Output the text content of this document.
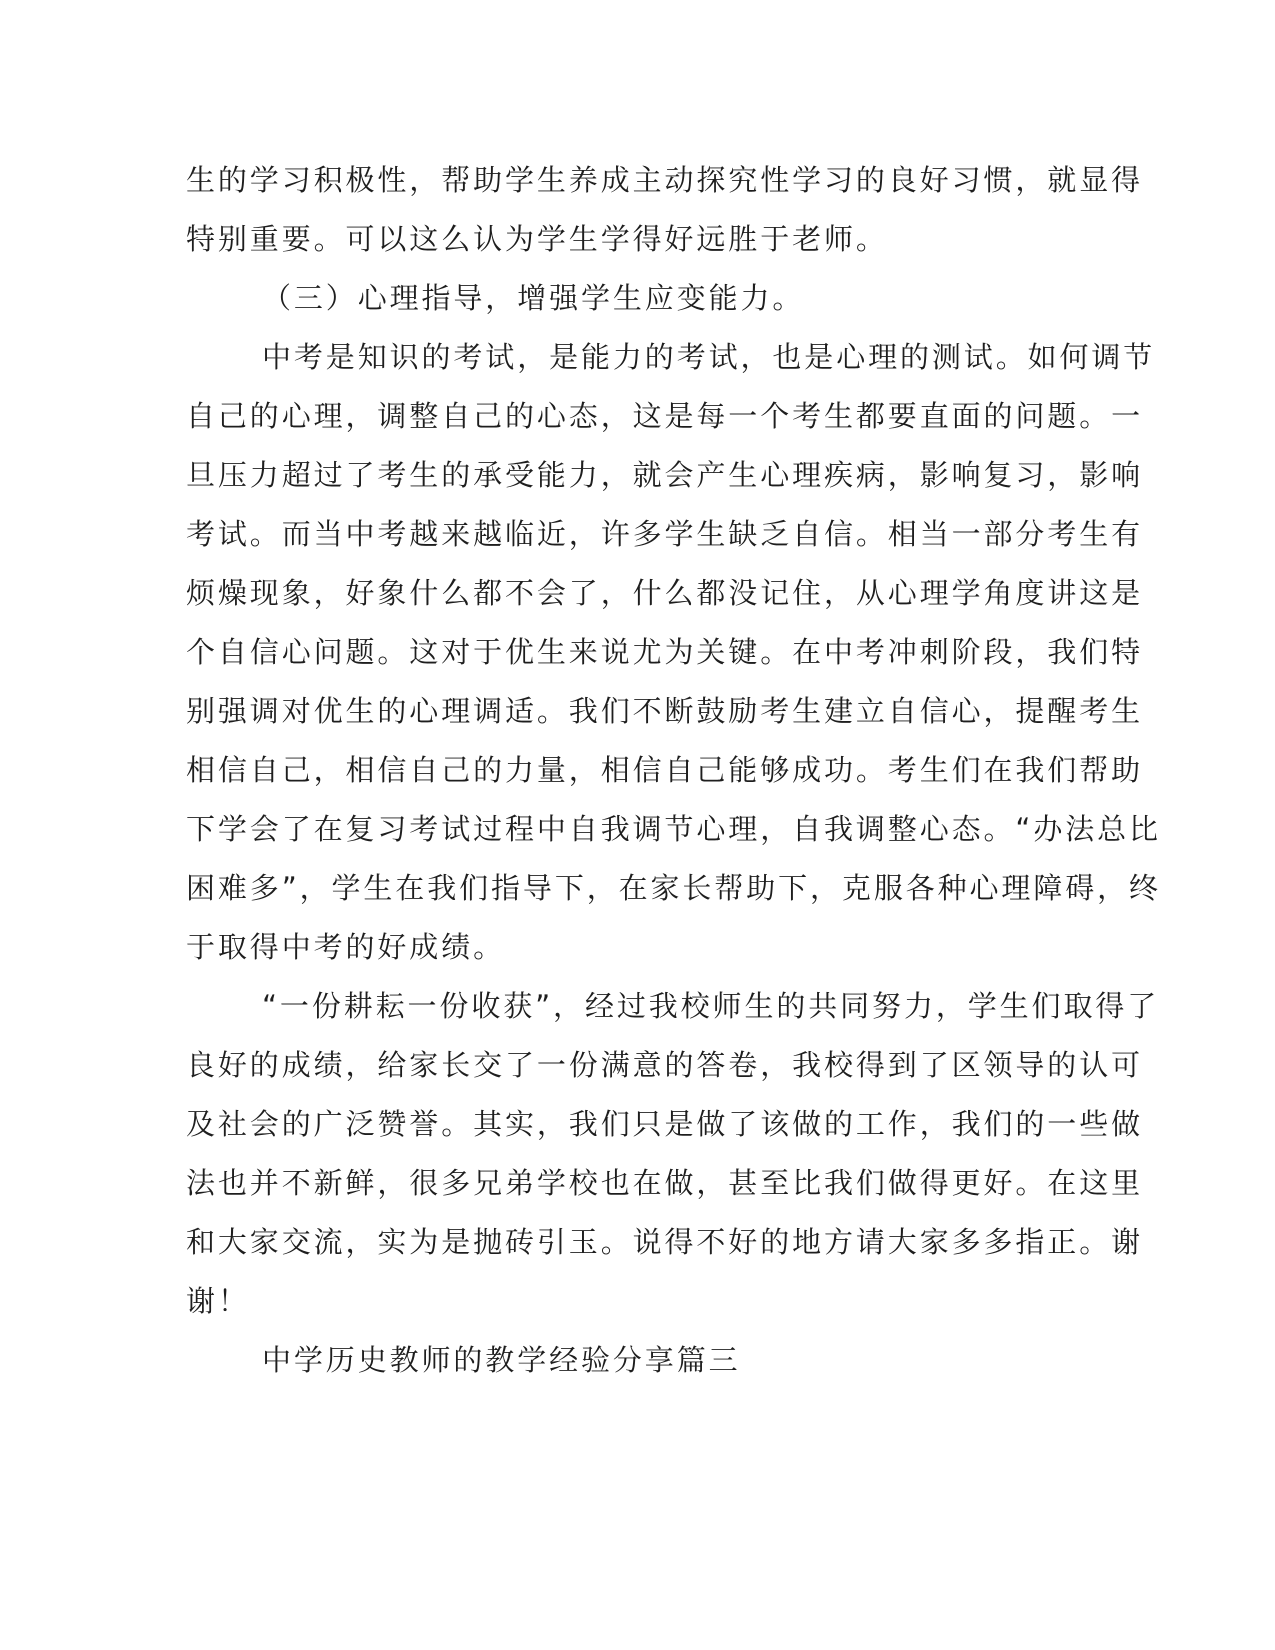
生的学习积极性，帮助学生养成主动探究性学习的良好习惯，就显得
特别重要。可以这么认为学生学得好远胜于老师。
（三）心理指导，增强学生应变能力。
中考是知识的考试，是能力的考试，也是心理的测试。如何调节
自己的心理，调整自己的心态，这是每一个考生都要直面的问题。一
旦压力超过了考生的承受能力，就会产生心理疾病，影响复习，影响
考试。而当中考越来越临近，许多学生缺乏自信。相当一部分考生有
烦燥现象，好象什么都不会了，什么都没记住，从心理学角度讲这是
个自信心问题。这对于优生来说尤为关键。在中考冲刺阶段，我们特
别强调对优生的心理调适。我们不断鼓励考生建立自信心，提醒考生
相信自己，相信自己的力量，相信自己能够成功。考生们在我们帮助
下学会了在复习考试过程中自我调节心理，自我调整心态。“办法总比
困难多”，学生在我们指导下，在家长帮助下，克服各种心理障碍，终
于取得中考的好成绩。
“一份耕耘一份收获”，经过我校师生的共同努力，学生们取得了
良好的成绩，给家长交了一份满意的答卷，我校得到了区领导的认可
及社会的广泛赞誉。其实，我们只是做了该做的工作，我们的一些做
法也并不新鲜，很多兄弟学校也在做，甚至比我们做得更好。在这里
和大家交流，实为是抛砖引玉。说得不好的地方请大家多多指正。谢
谢！
中学历史教师的教学经验分享篇三
